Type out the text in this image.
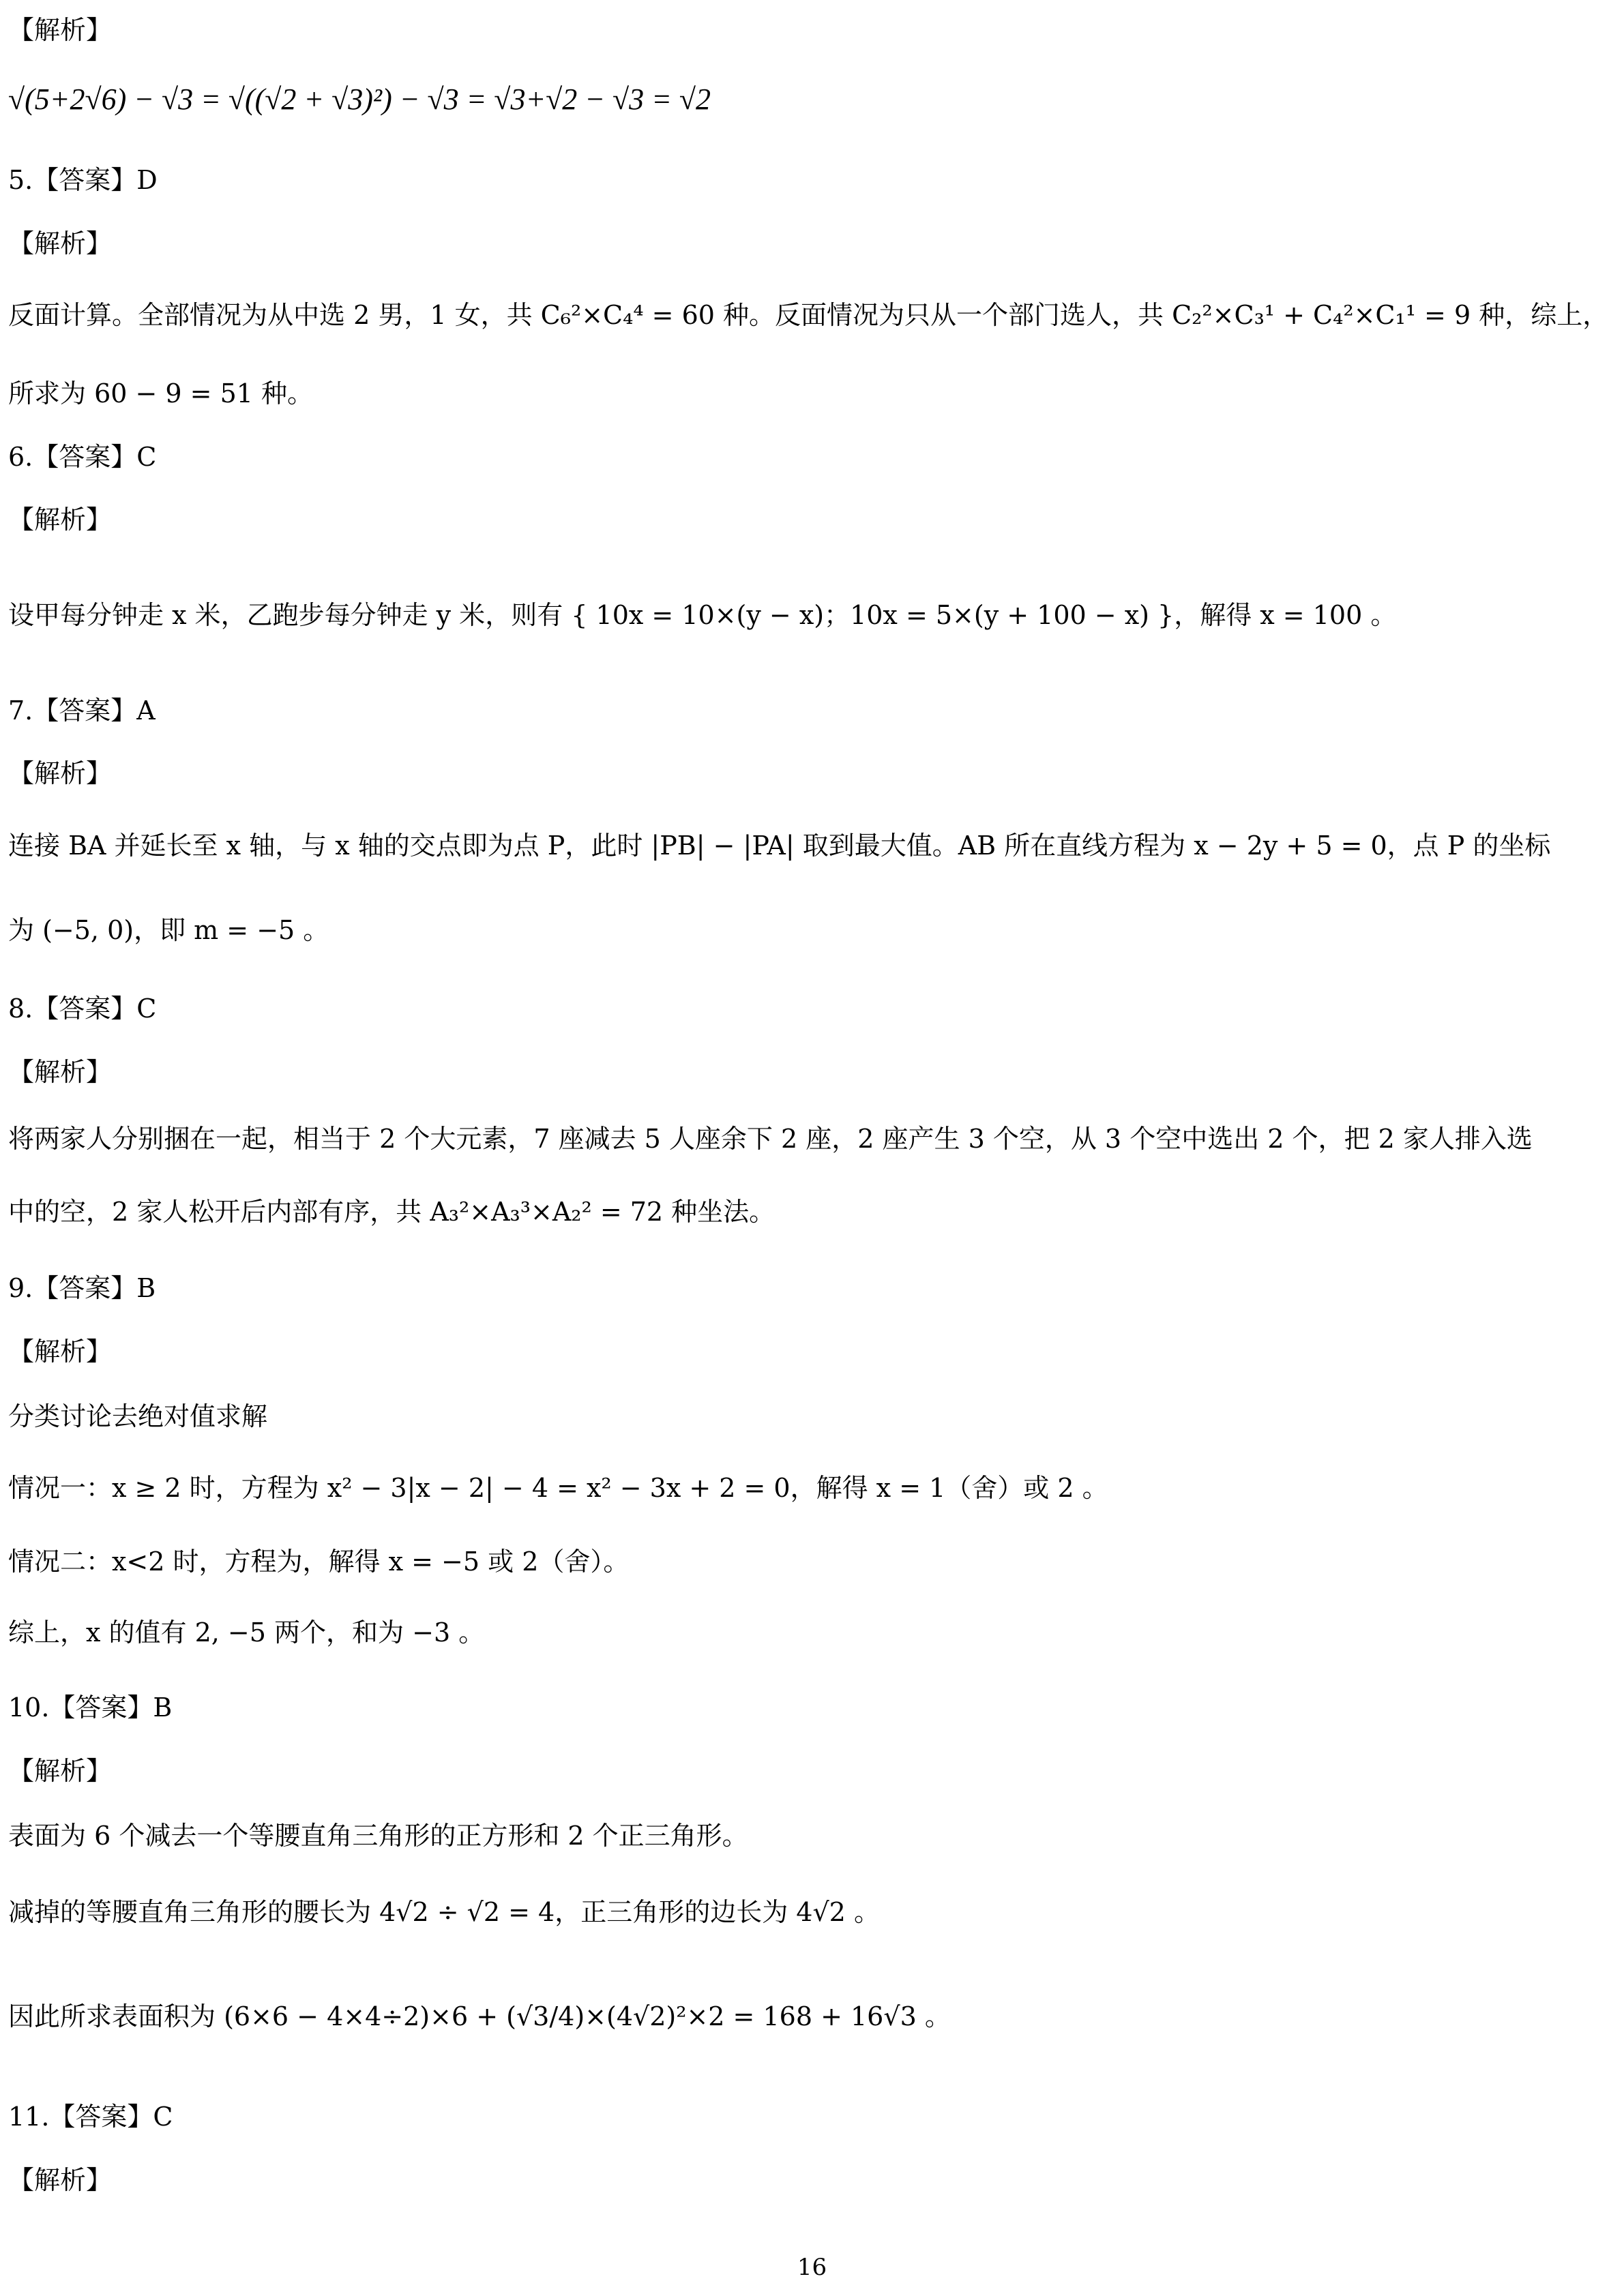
【解析】
√(5+2√6) − √3 = √((√2 + √3)²) − √3 = √3+√2 − √3 = √2
5.【答案】D
【解析】
反面计算。全部情况为从中选 2 男，1 女，共 C₆²×C₄⁴ = 60 种。反面情况为只从一个部门选人，共 C₂²×C₃¹ + C₄²×C₁¹ = 9 种，综上，
所求为 60 − 9 = 51 种。
6.【答案】C
【解析】
设甲每分钟走 x 米，乙跑步每分钟走 y 米，则有 { 10x = 10×(y − x)；10x = 5×(y + 100 − x) }，解得 x = 100 。
7.【答案】A
【解析】
连接 BA 并延长至 x 轴，与 x 轴的交点即为点 P，此时 |PB| − |PA| 取到最大值。AB 所在直线方程为 x − 2y + 5 = 0，点 P 的坐标
为 (−5, 0)，即 m = −5 。
8.【答案】C
【解析】
将两家人分别捆在一起，相当于 2 个大元素，7 座减去 5 人座余下 2 座，2 座产生 3 个空，从 3 个空中选出 2 个，把 2 家人排入选
中的空，2 家人松开后内部有序，共 A₃²×A₃³×A₂² = 72 种坐法。
9.【答案】B
【解析】
分类讨论去绝对值求解
情况一：x ≥ 2 时，方程为 x² − 3|x − 2| − 4 = x² − 3x + 2 = 0，解得 x = 1（舍）或 2 。
情况二：x<2 时，方程为，解得 x = −5 或 2（舍）。
综上，x 的值有 2, −5 两个，和为 −3 。
10.【答案】B
【解析】
表面为 6 个减去一个等腰直角三角形的正方形和 2 个正三角形。
减掉的等腰直角三角形的腰长为 4√2 ÷ √2 = 4，正三角形的边长为 4√2 。
因此所求表面积为 (6×6 − 4×4÷2)×6 + (√3/4)×(4√2)²×2 = 168 + 16√3 。
11.【答案】C
【解析】
16
